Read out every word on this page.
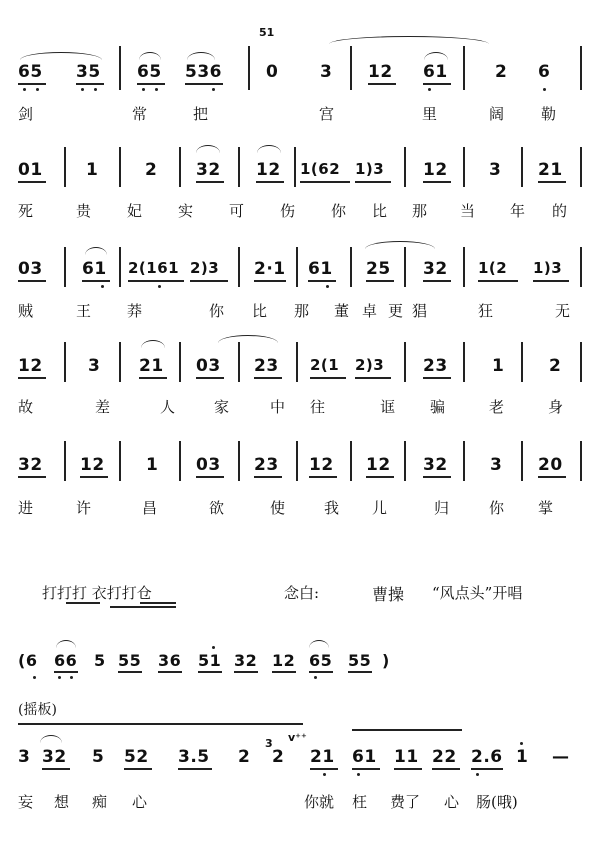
51
65 35 65 536	0 3 12 61	2 6
剑	常	把	宫	里	阔 勒
01	1	2 32 12 1(62 1)3 12 3 21
死	贵 妃 实 可 伤 你 比 那 当 年 的
03 61 2(161 2)3 2·1 61 25 32 1(2 1)3
贼	王 莽	你 比 那 董 卓 更 猖	狂	无
12	3 21 03 23 2(1 2)3 23	1	2
故	差	人	家	中 往	诓 骗	老	身
32 12 1 03 23 12 12 32 3 20
进	许	昌	欲	使	我 儿	归	你 掌
打打打 衣打打仓	念白:	曹操 “风点头”开唱
(6 66 5 55 36 51 32 12 65 55 )
(摇板)
3 32 5 52 3.5 2
3
2
v⁺⁺
21 61 11 22 2.6 1 —
妄 想 痴 心	你就 枉 费了 心 肠(哦)
